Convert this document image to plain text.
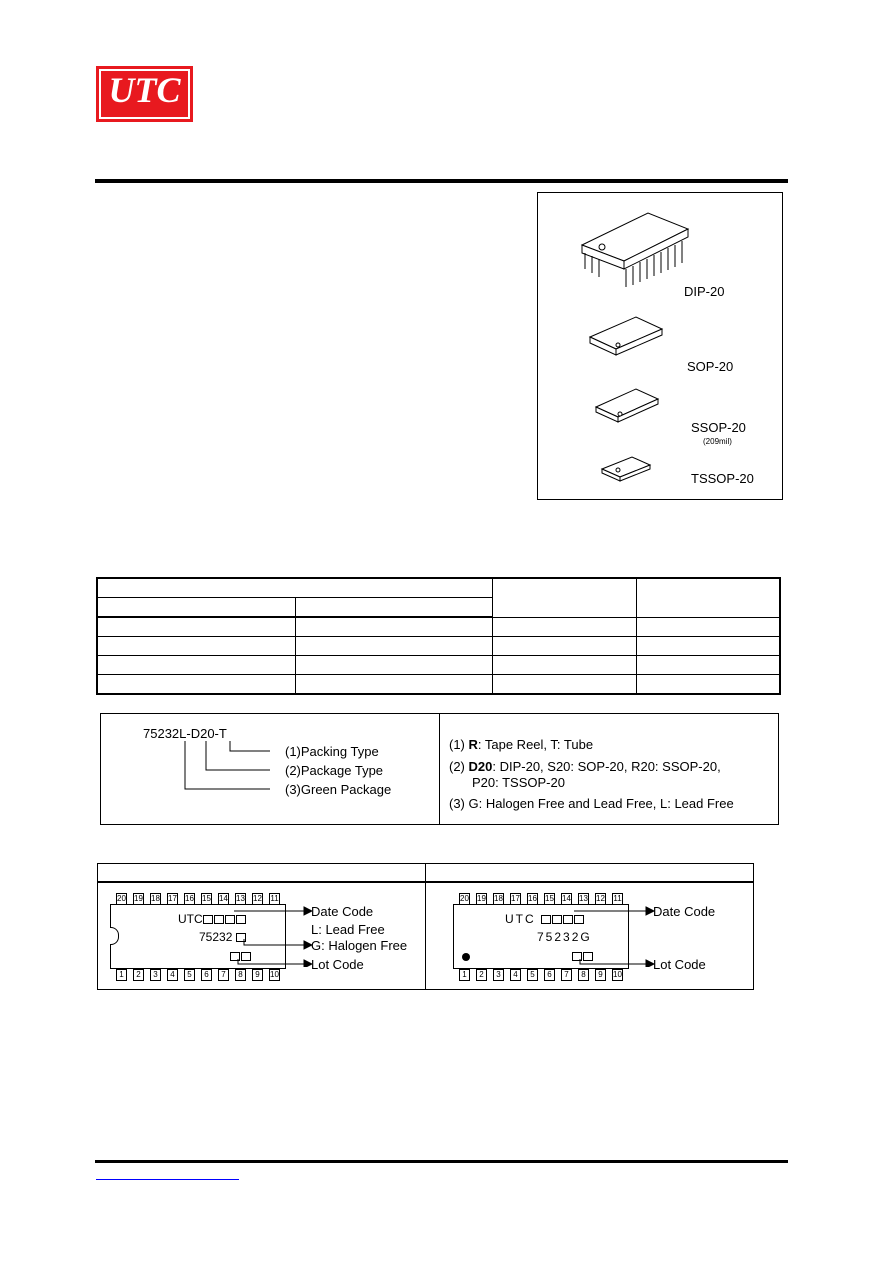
UTC
DIP-20
SOP-20
SSOP-20
(209mil)
TSSOP-20

75232L-D20-T
(1)Packing Type
(2)Package Type
(3)Green Package
(1) R: Tape Reel, T: Tube
(2) D20: DIP-20, S20: SOP-20, R20: SSOP-20,
P20: TSSOP-20
(3) G: Halogen Free and Lead Free, L: Lead Free
UTC
75232
Date Code
L: Lead Free
G: Halogen Free
Lot Code
UTC
75232G
Date Code
Lot Code
20 19 18 17 16 15 14 13 12 11
1	2	3	4	5	6	7	8	9	10
20 19 18 17 16 15 14 13 12 11
1	2	3	4	5	6	7	8	9	10
